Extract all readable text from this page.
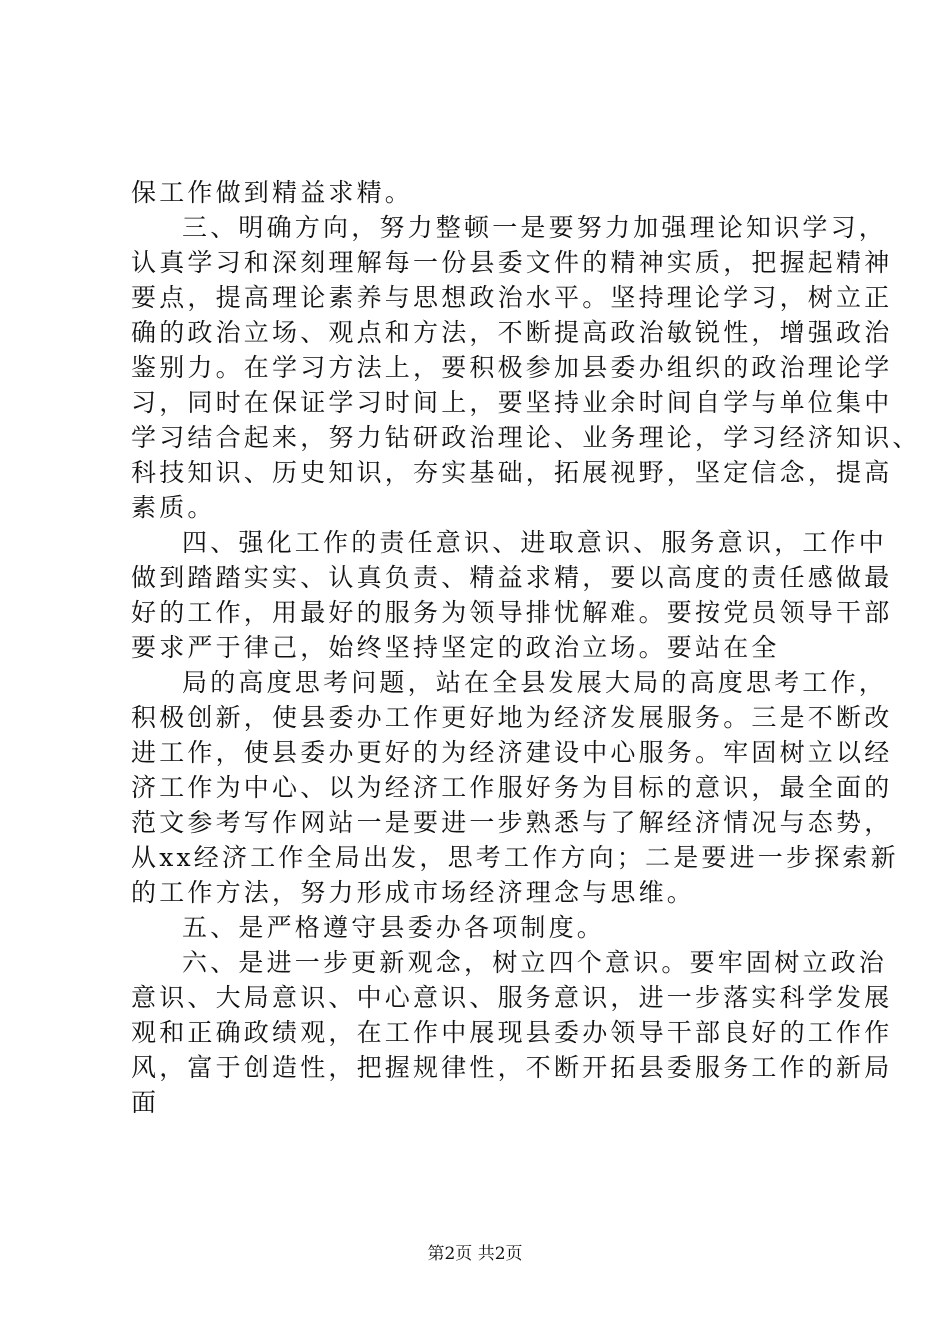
保工作做到精益求精。
三、明确方向，努力整顿一是要努力加强理论知识学习，
认真学习和深刻理解每一份县委文件的精神实质，把握起精神
要点，提高理论素养与思想政治水平。坚持理论学习，树立正
确的政治立场、观点和方法，不断提高政治敏锐性，增强政治
鉴别力。在学习方法上，要积极参加县委办组织的政治理论学
习，同时在保证学习时间上，要坚持业余时间自学与单位集中
学习结合起来，努力钻研政治理论、业务理论，学习经济知识、
科技知识、历史知识，夯实基础，拓展视野，坚定信念，提高
素质。
四、强化工作的责任意识、进取意识、服务意识，工作中
做到踏踏实实、认真负责、精益求精，要以高度的责任感做最
好的工作，用最好的服务为领导排忧解难。要按党员领导干部
要求严于律己，始终坚持坚定的政治立场。要站在全
局的高度思考问题，站在全县发展大局的高度思考工作，
积极创新，使县委办工作更好地为经济发展服务。三是不断改
进工作，使县委办更好的为经济建设中心服务。牢固树立以经
济工作为中心、以为经济工作服好务为目标的意识，最全面的
范文参考写作网站一是要进一步熟悉与了解经济情况与态势，
从xx经济工作全局出发，思考工作方向；二是要进一步探索新
的工作方法，努力形成市场经济理念与思维。
五、是严格遵守县委办各项制度。
六、是进一步更新观念，树立四个意识。要牢固树立政治
意识、大局意识、中心意识、服务意识，进一步落实科学发展
观和正确政绩观，在工作中展现县委办领导干部良好的工作作
风，富于创造性，把握规律性，不断开拓县委服务工作的新局
面
第2页 共2页
